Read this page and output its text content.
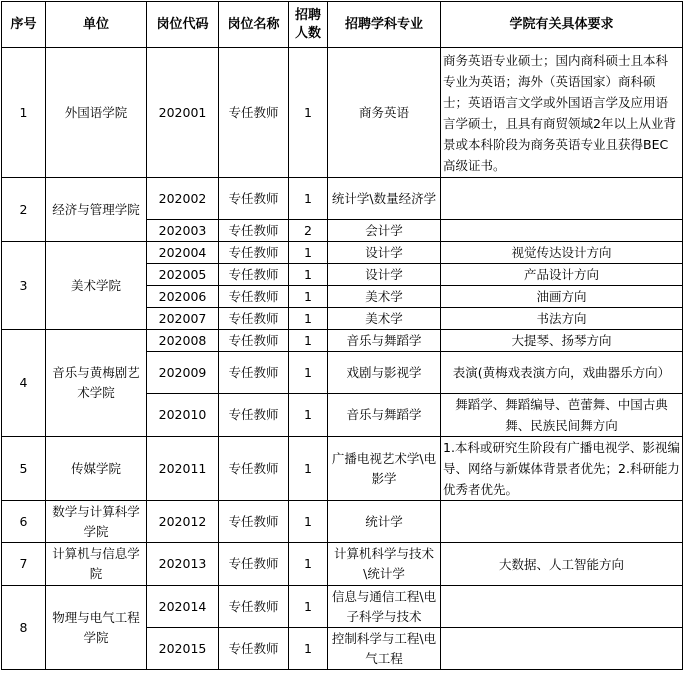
序号	单位	岗位代码	岗位名称	招聘人数	招聘学科专业	学院有关具体要求
1	外国语学院	202001	专任教师	1	商务英语	商务英语专业硕士；国内商科硕士且本科专业为英语；海外（英语国家）商科硕士；英语语言文学或外国语言学及应用语言学硕士，且具有商贸领域2年以上从业背景或本科阶段为商务英语专业且获得BEC高级证书。
2	经济与管理学院	202002	专任教师	1	统计学\数量经济学	
		202003	专任教师	2	会计学	
3	美术学院	202004	专任教师	1	设计学	视觉传达设计方向
		202005	专任教师	1	设计学	产品设计方向
		202006	专任教师	1	美术学	油画方向
		202007	专任教师	1	美术学	书法方向
4	音乐与黄梅剧艺术学院	202008	专任教师	1	音乐与舞蹈学	大提琴、扬琴方向
		202009	专任教师	1	戏剧与影视学	表演(黄梅戏表演方向，戏曲器乐方向）
		202010	专任教师	1	音乐与舞蹈学	舞蹈学、舞蹈编导、芭蕾舞、中国古典舞、民族民间舞方向
5	传媒学院	202011	专任教师	1	广播电视艺术学\电影学	1.本科或研究生阶段有广播电视学、影视编导、网络与新媒体背景者优先；2.科研能力优秀者优先。
6	数学与计算科学学院	202012	专任教师	1	统计学	
7	计算机与信息学院	202013	专任教师	1	计算机科学与技术\统计学	大数据、人工智能方向
8	物理与电气工程学院	202014	专任教师	1	信息与通信工程\电子科学与技术	
		202015	专任教师	1	控制科学与工程\电气工程	
